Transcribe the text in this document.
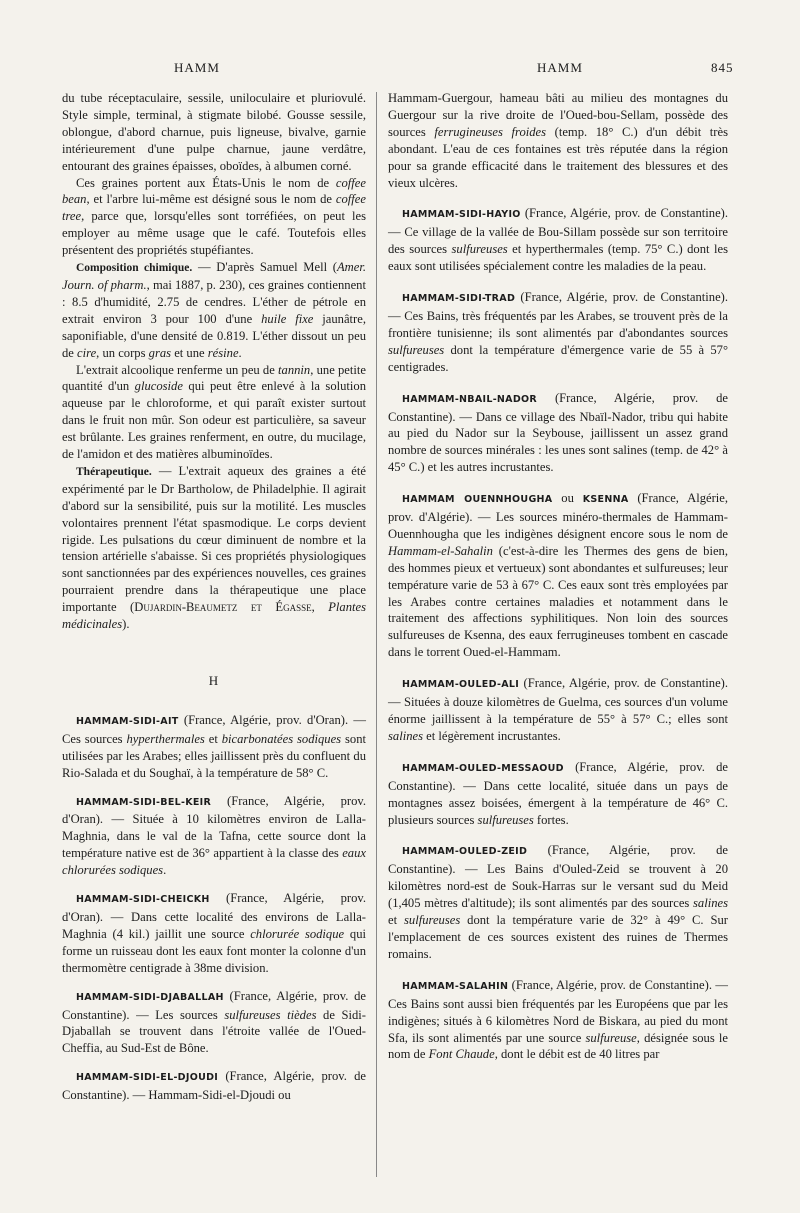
HAMM	HAMM	845

du tube réceptaculaire, sessile, uniloculaire et pluriovulé. Style simple, terminal, à stigmate bilobé. Gousse sessile, oblongue, d'abord charnue, puis ligneuse, bivalve, garnie intérieurement d'une pulpe charnue, jaune verdâtre, entourant des graines épaisses, oboïdes, à albumen corné.

Ces graines portent aux États-Unis le nom de coffee bean, et l'arbre lui-même est désigné sous le nom de coffee tree, parce que, lorsqu'elles sont torréfiées, on peut les employer au même usage que le café. Toutefois elles présentent des propriétés stupéfiantes.

Composition chimique. — D'après Samuel Mell (Amer. Journ. of pharm., mai 1887, p. 230), ces graines contiennent : 8.5 d'humidité, 2.75 de cendres. L'éther de pétrole en extrait environ 3 pour 100 d'une huile fixe jaunâtre, saponifiable, d'une densité de 0.819. L'éther dissout un peu de cire, un corps gras et une résine.

L'extrait alcoolique renferme un peu de tannin, une petite quantité d'un glucoside qui peut être enlevé à la solution aqueuse par le chloroforme, et qui paraît exister surtout dans le fruit non mûr. Son odeur est particulière, sa saveur est brûlante. Les graines renferment, en outre, du mucilage, de l'amidon et des matières albuminoïdes.

Thérapeutique. — L'extrait aqueux des graines a été expérimenté par le Dr Bartholow, de Philadelphie. Il agirait d'abord sur la sensibilité, puis sur la motilité. Les muscles volontaires prennent l'état spasmodique. Le corps devient rigide. Les pulsations du cœur diminuent de nombre et la tension artérielle s'abaisse. Si ces propriétés physiologiques sont sanctionnées par des expériences nouvelles, ces graines pourraient prendre dans la thérapeutique une place importante (Dujardin-Beaumetz et Égasse, Plantes médicinales).

H

HAMMAM-SIDI-AIT (France, Algérie, prov. d'Oran). — Ces sources hyperthermales et bicarbonatées sodiques sont utilisées par les Arabes; elles jaillissent près du confluent du Rio-Salada et du Soughaï, à la température de 58° C.

HAMMAM-SIDI-BEL-KEIR (France, Algérie, prov. d'Oran). — Située à 10 kilomètres environ de Lalla-Maghnia, dans le val de la Tafna, cette source dont la température native est de 36° appartient à la classe des eaux chlorurées sodiques.

HAMMAM-SIDI-CHEICKH (France, Algérie, prov. d'Oran). — Dans cette localité des environs de Lalla-Maghnia (4 kil.) jaillit une source chlorurée sodique qui forme un ruisseau dont les eaux font monter la colonne d'un thermomètre centigrade à 38me division.

HAMMAM-SIDI-DJABALLAH (France, Algérie, prov. de Constantine). — Les sources sulfureuses tièdes de Sidi-Djaballah se trouvent dans l'étroite vallée de l'Oued-Cheffia, au Sud-Est de Bône.

HAMMAM-SIDI-EL-DJOUDI (France, Algérie, prov. de Constantine). — Hammam-Sidi-el-Djoudi ou

Hammam-Guergour, hameau bâti au milieu des montagnes du Guergour sur la rive droite de l'Oued-bou-Sellam, possède des sources ferrugineuses froides (temp. 18° C.) d'un débit très abondant. L'eau de ces fontaines est très réputée dans la région pour sa grande efficacité dans le traitement des blessures et des vieux ulcères.

HAMMAM-SIDI-HAYIO (France, Algérie, prov. de Constantine). — Ce village de la vallée de Bou-Sillam possède sur son territoire des sources sulfureuses et hyperthermales (temp. 75° C.) dont les eaux sont utilisées spécialement contre les maladies de la peau.

HAMMAM-SIDI-TRAD (France, Algérie, prov. de Constantine). — Ces Bains, très fréquentés par les Arabes, se trouvent près de la frontière tunisienne; ils sont alimentés par d'abondantes sources sulfureuses dont la température d'émergence varie de 55 à 57° centigrades.

HAMMAM-NBAIL-NADOR (France, Algérie, prov. de Constantine). — Dans ce village des Nbaïl-Nador, tribu qui habite au pied du Nador sur la Seybouse, jaillissent un assez grand nombre de sources minérales : les unes sont salines (temp. de 42° à 45° C.) et les autres incrustantes.

HAMMAM OUENNHOUGHA ou KSENNA (France, Algérie, prov. d'Algérie). — Les sources minéro-thermales de Hammam-Ouennhougha que les indigènes désignent encore sous le nom de Hammam-el-Sahalin (c'est-à-dire les Thermes des gens de bien, des hommes pieux et vertueux) sont abondantes et sulfureuses; leur température varie de 53 à 67° C. Ces eaux sont très employées par les Arabes contre certaines maladies et notamment dans le traitement des affections syphilitiques. Non loin des sources sulfureuses de Ksenna, des eaux ferrugineuses tombent en cascade dans le torrent Oued-el-Hammam.

HAMMAM-OULED-ALI (France, Algérie, prov. de Constantine). — Situées à douze kilomètres de Guelma, ces sources d'un volume énorme jaillissent à la température de 55° à 57° C.; elles sont salines et légèrement incrustantes.

HAMMAM-OULED-MESSAOUD (France, Algérie, prov. de Constantine). — Dans cette localité, située dans un pays de montagnes assez boisées, émergent à la température de 46° C. plusieurs sources sulfureuses fortes.

HAMMAM-OULED-ZEID (France, Algérie, prov. de Constantine). — Les Bains d'Ouled-Zeid se trouvent à 20 kilomètres nord-est de Souk-Harras sur le versant sud du Meid (1,405 mètres d'altitude); ils sont alimentés par des sources salines et sulfureuses dont la température varie de 32° à 49° C. Sur l'emplacement de ces sources existent des ruines de Thermes romains.

HAMMAM-SALAHIN (France, Algérie, prov. de Constantine). — Ces Bains sont aussi bien fréquentés par les Européens que par les indigènes; situés à 6 kilomètres Nord de Biskara, au pied du mont Sfa, ils sont alimentés par une source sulfureuse, désignée sous le nom de Font Chaude, dont le débit est de 40 litres par
